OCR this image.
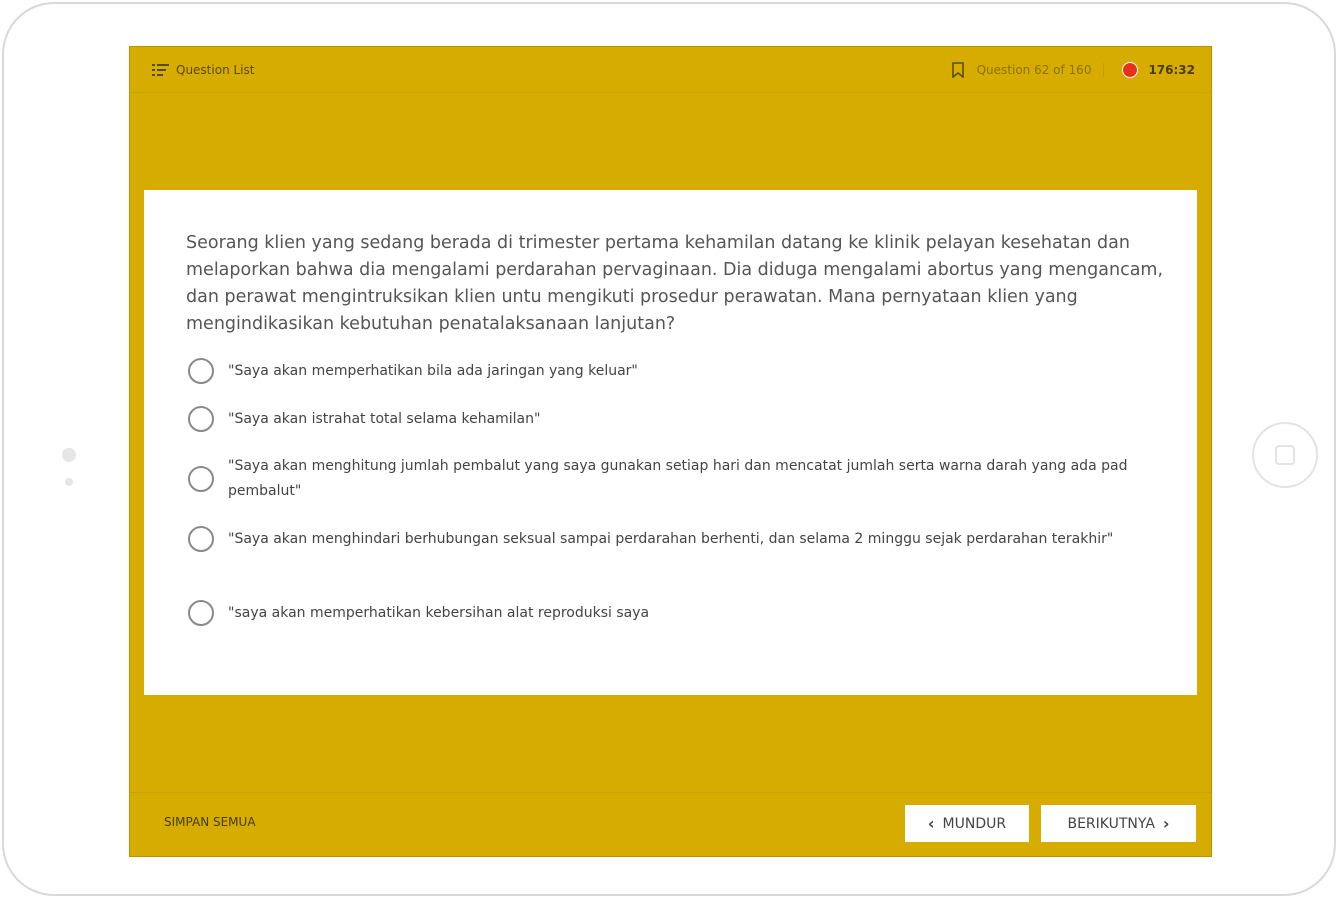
Question List	Question 62 of 160	176:32

Seorang klien yang sedang berada di trimester pertama kehamilan datang ke klinik pelayan kesehatan dan melaporkan bahwa dia mengalami perdarahan pervaginaan. Dia diduga mengalami abortus yang mengancam, dan perawat mengintruksikan klien untu mengikuti prosedur perawatan. Mana pernyataan klien yang mengindikasikan kebutuhan penatalaksanaan lanjutan?

"Saya akan memperhatikan bila ada jaringan yang keluar"
"Saya akan istrahat total selama kehamilan"
"Saya akan menghitung jumlah pembalut yang saya gunakan setiap hari dan mencatat jumlah serta warna darah yang ada pad pembalut"
"Saya akan menghindari berhubungan seksual sampai perdarahan berhenti, dan selama 2 minggu sejak perdarahan terakhir"
"saya akan memperhatikan kebersihan alat reproduksi saya
SIMPAN SEMUA	‹ MUNDUR	BERIKUTNYA ›
